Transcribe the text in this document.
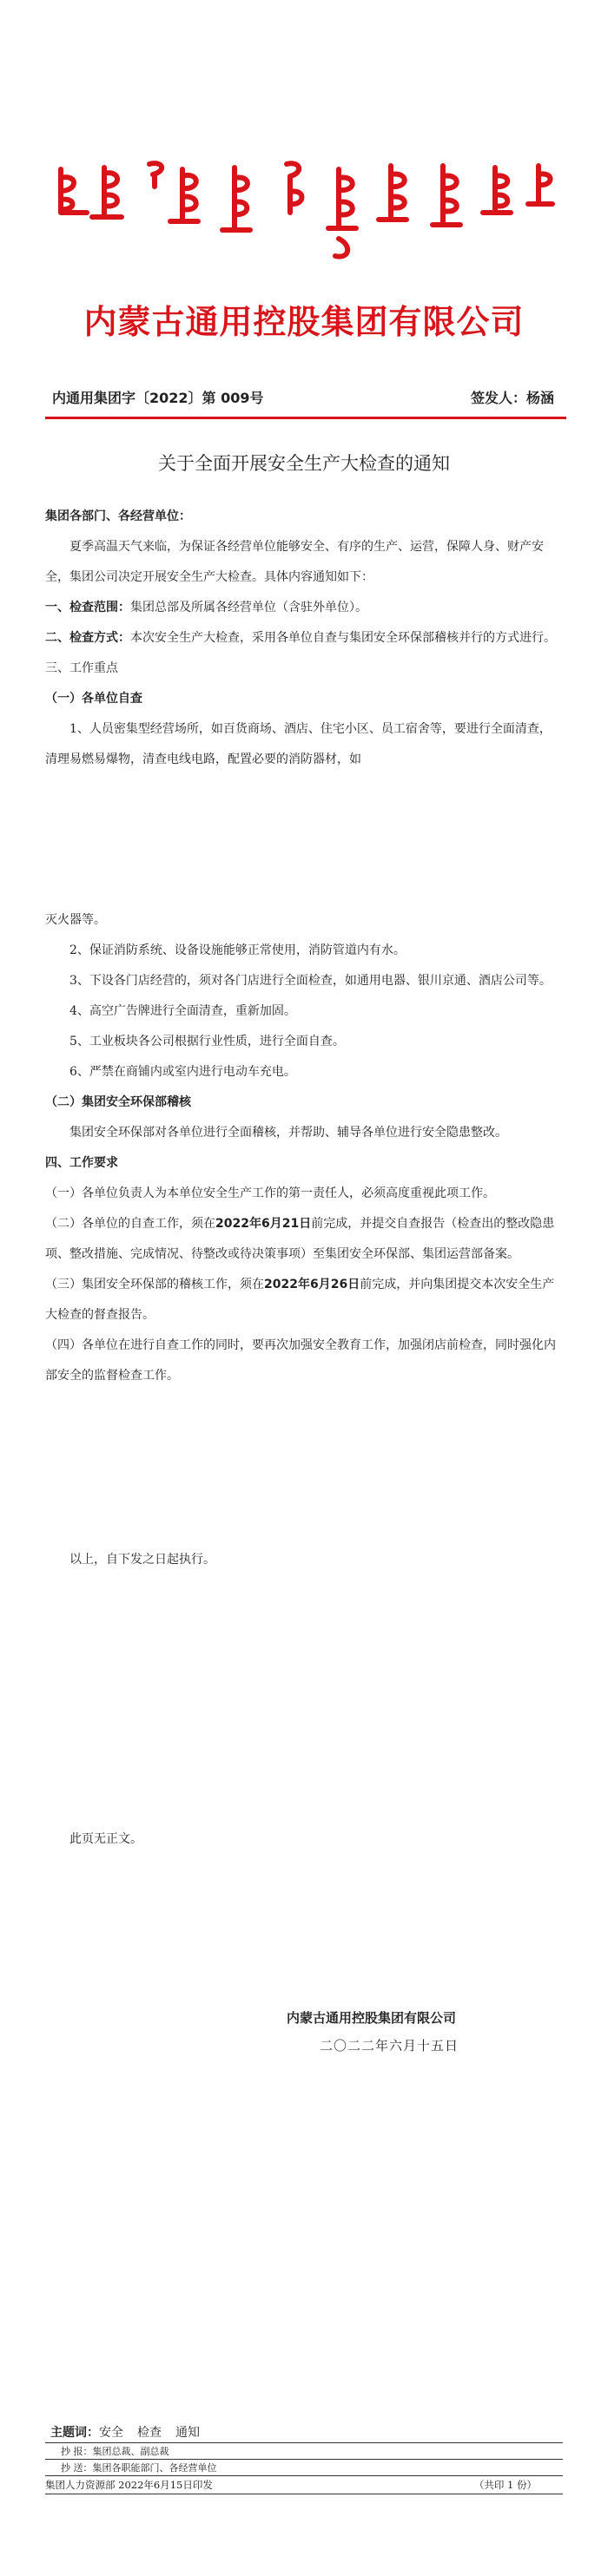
内蒙古通用控股集团有限公司
内通用集团字〔2022〕第 009号	签发人：杨涵
关于全面开展安全生产大检查的通知

集团各部门、各经营单位：

夏季高温天气来临，为保证各经营单位能够安全、有序的生产、运营，保障人身、财产安全，集团公司决定开展安全生产大检查。具体内容通知如下：

一、检查范围：集团总部及所属各经营单位（含驻外单位）。

二、检查方式：本次安全生产大检查，采用各单位自查与集团安全环保部稽核并行的方式进行。

三、工作重点

（一）各单位自查

1、人员密集型经营场所，如百货商场、酒店、住宅小区、员工宿舍等，要进行全面清查，清理易燃易爆物，清查电线电路，配置必要的消防器材，如

灭火器等。

2、保证消防系统、设备设施能够正常使用，消防管道内有水。

3、下设各门店经营的，须对各门店进行全面检查，如通用电器、银川京通、酒店公司等。

4、高空广告牌进行全面清查，重新加固。

5、工业板块各公司根据行业性质，进行全面自查。

6、严禁在商铺内或室内进行电动车充电。

（二）集团安全环保部稽核

集团安全环保部对各单位进行全面稽核，并帮助、辅导各单位进行安全隐患整改。

四、工作要求

（一）各单位负责人为本单位安全生产工作的第一责任人，必须高度重视此项工作。

（二）各单位的自查工作，须在2022年6月21日前完成，并提交自查报告（检查出的整改隐患项、整改措施、完成情况、待整改或待决策事项）至集团安全环保部、集团运营部备案。

（三）集团安全环保部的稽核工作，须在2022年6月26日前完成，并向集团提交本次安全生产大检查的督查报告。

（四）各单位在进行自查工作的同时，要再次加强安全教育工作，加强闭店前检查，同时强化内部安全的监督检查工作。

以上，自下发之日起执行。
此页无正文。
内蒙古通用控股集团有限公司
二〇二二年六月十五日
主题词：安全 检查 通知
抄 报：集团总裁、副总裁
抄 送：集团各职能部门、各经营单位
集团人力资源部 2022年6月15日印发	（共印 1 份）
